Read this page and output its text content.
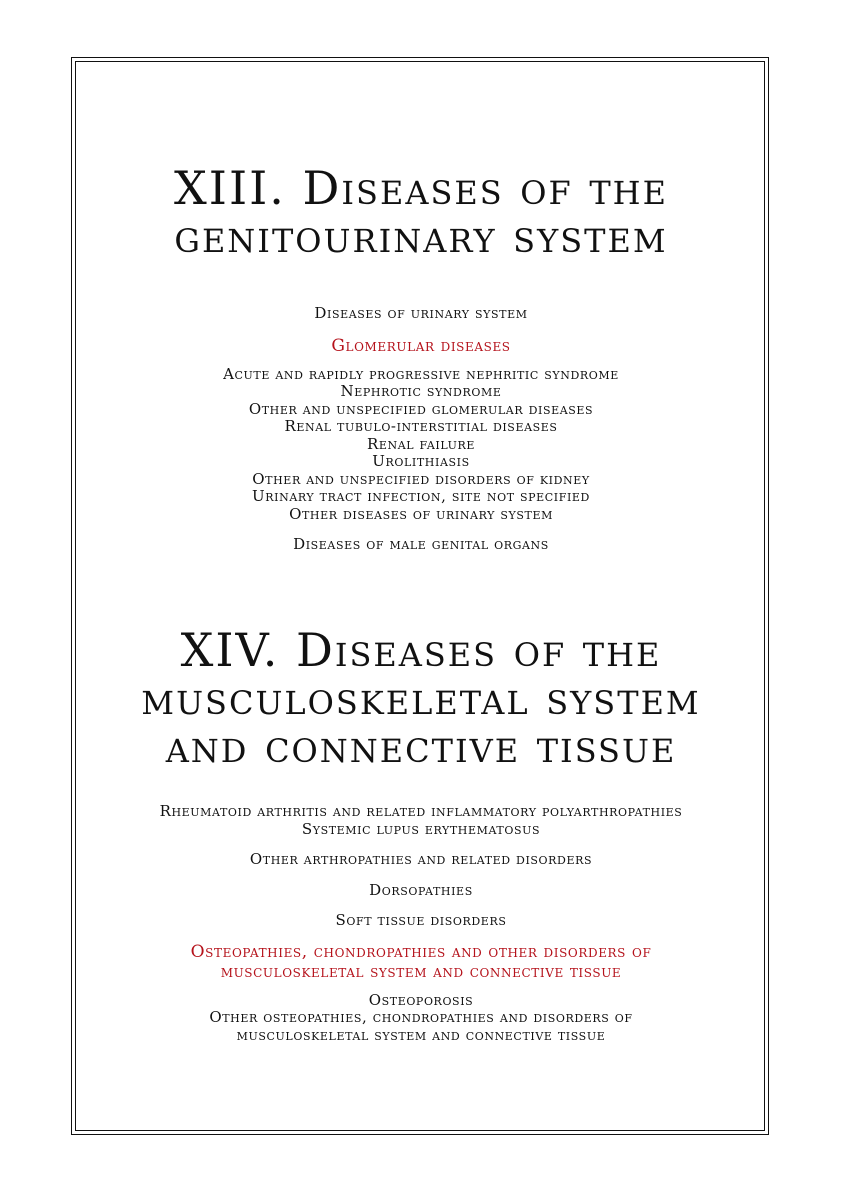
XIII. Diseases of the
genitourinary system
Diseases of urinary system
Glomerular diseases
Acute and rapidly progressive nephritic syndrome
Nephrotic syndrome
Other and unspecified glomerular diseases
Renal tubulo-interstitial diseases
Renal failure
Urolithiasis
Other and unspecified disorders of kidney
Urinary tract infection, site not specified
Other diseases of urinary system
Diseases of male genital organs
XIV. Diseases of the
musculoskeletal system
and connective tissue
Rheumatoid arthritis and related inflammatory polyarthropathies
Systemic lupus erythematosus
Other arthropathies and related disorders
Dorsopathies
Soft tissue disorders
Osteopathies, chondropathies and other disorders of
musculoskeletal system and connective tissue
Osteoporosis
Other osteopathies, chondropathies and disorders of
musculoskeletal system and connective tissue
